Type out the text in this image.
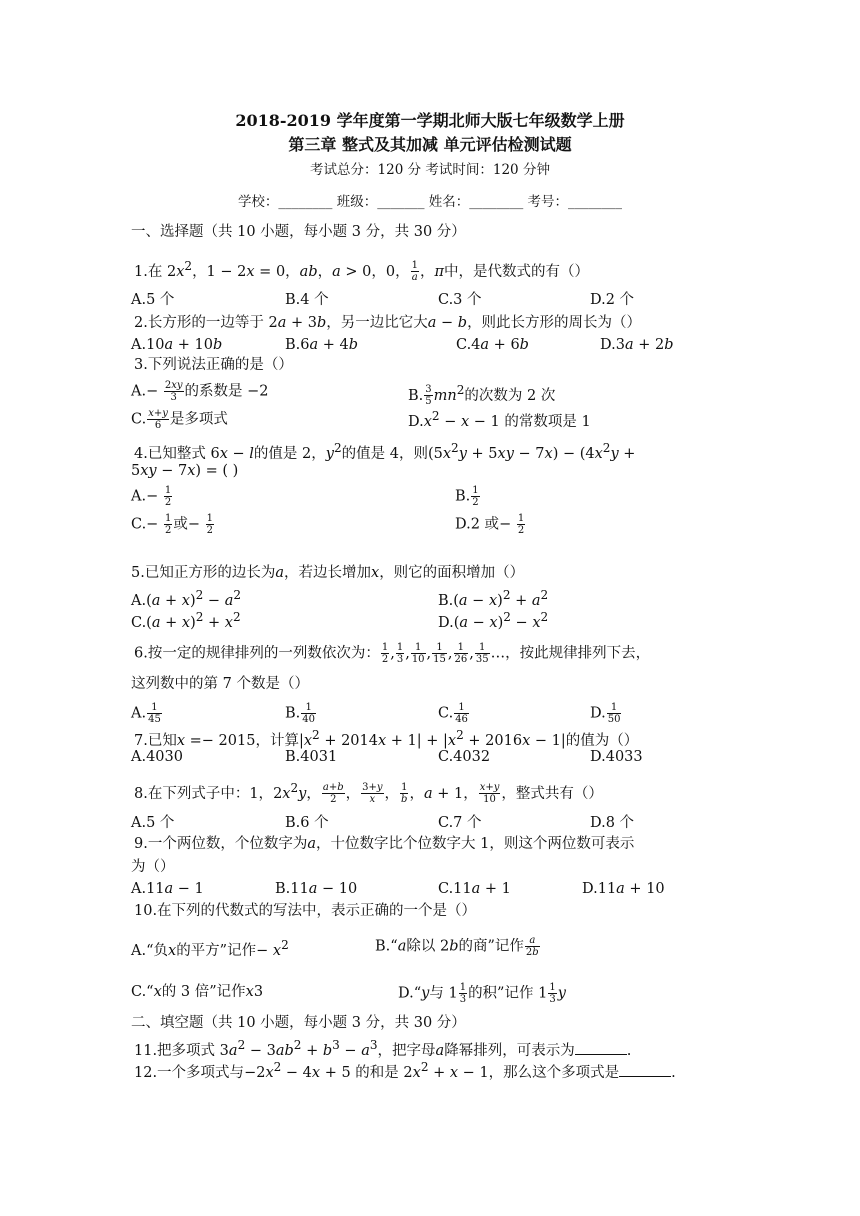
2018-2019 学年度第一学期北师大版七年级数学上册
第三章 整式及其加减 单元评估检测试题
考试总分：120 分 考试时间：120 分钟
学校：________ 班级：_______ 姓名：________ 考号：________
一、选择题（共 10 小题，每小题 3 分，共 30 分）
1.在 $2x^2$，1 − 2x = 0，ab，a > 0，0， $\frac{1}{a}$ ，π中，是代数式的有（）
A.5 个	B.4 个	C.3 个	D.2 个
2.长方形的一边等于 2a + 3b，另一边比它大a − b，则此长方形的周长为（）
A.10a + 10b	B.6a + 4b	C.4a + 6b	D.3a + 2b
3.下列说法正确的是（）
$A.- \frac{2xy}{3}$ 的系数是 −2	B. $\frac{3}{5} mn^2$的次数为 2 次
C. $\frac{x+y}{6}$ 是多项式	$D.x^2 - x - 1$ 的常数项是 1
4.已知整式 6x − l的值是 2，$y^2$的值是 4，则$(5x^2y + 5xy - 7x) - (4x^2y$ +
5xy − 7x) = ( )
$A.- \frac{1}{2}$	B. $\frac{1}{2}$
$C.- \frac{1}{2}$ 或− $\frac{1}{2}$	D.2 或− $\frac{1}{2}$
5.已知正方形的边长为a，若边长增加x，则它的面积增加（）
$A.(a + x)^2 - a^2$	$B.(a - x)^2 + a^2$
$C.(a + x)^2 + x^2$	$D.(a - x)^2 - x^2$
6.按一定的规律排列的一列数依次为： $\frac{1}{2}$ , $\frac{1}{3}$ , $\frac{1}{10}$ , $\frac{1}{15}$ , $\frac{1}{26}$ , $\frac{1}{35}$ …，按此规律排列下去，
这列数中的第 7 个数是（）
A. $\frac{1}{45}$	B. $\frac{1}{40}$	C. $\frac{1}{46}$	D. $\frac{1}{50}$
7.已知x =− 2015，计算$|x^2 + 2014x + 1| + |x^2 + 2016x - 1|$的值为（）
A.4030	B.4031	C.4032	D.4033
8.在下列式子中：1，$2x^2y$， $\frac{a+b}{2}$ ， $\frac{3+y}{x}$ ， $\frac{1}{b}$ ，a + 1， $\frac{x+y}{10}$ ，整式共有（）
A.5 个	B.6 个	C.7 个	D.8 个
9.一个两位数，个位数字为a，十位数字比个位数字大 1，则这个两位数可表示
为（）
A.11a − 1	B.11a − 10	C.11a + 1	D.11a + 10
10.在下列的代数式的写法中，表示正确的一个是（）
A.“负x的平方”记作− $x^2$	B.“a除以 2b的商”记作 $\frac{a}{2b}$
C.“x的 3 倍”记作x3	D.“y与 $1 \frac{1}{3}$ 的积”记作 $1 \frac{1}{3}$ y
二、填空题（共 10 小题，每小题 3 分，共 30 分）
11.把多项式 $3a^2 - 3ab^2 + b^3 - a^3$，把字母a降幂排列，可表示为	.
12.一个多项式与$-2x^2 - 4x + 5$ 的和是 $2x^2 + x - 1$，那么这个多项式是	.
